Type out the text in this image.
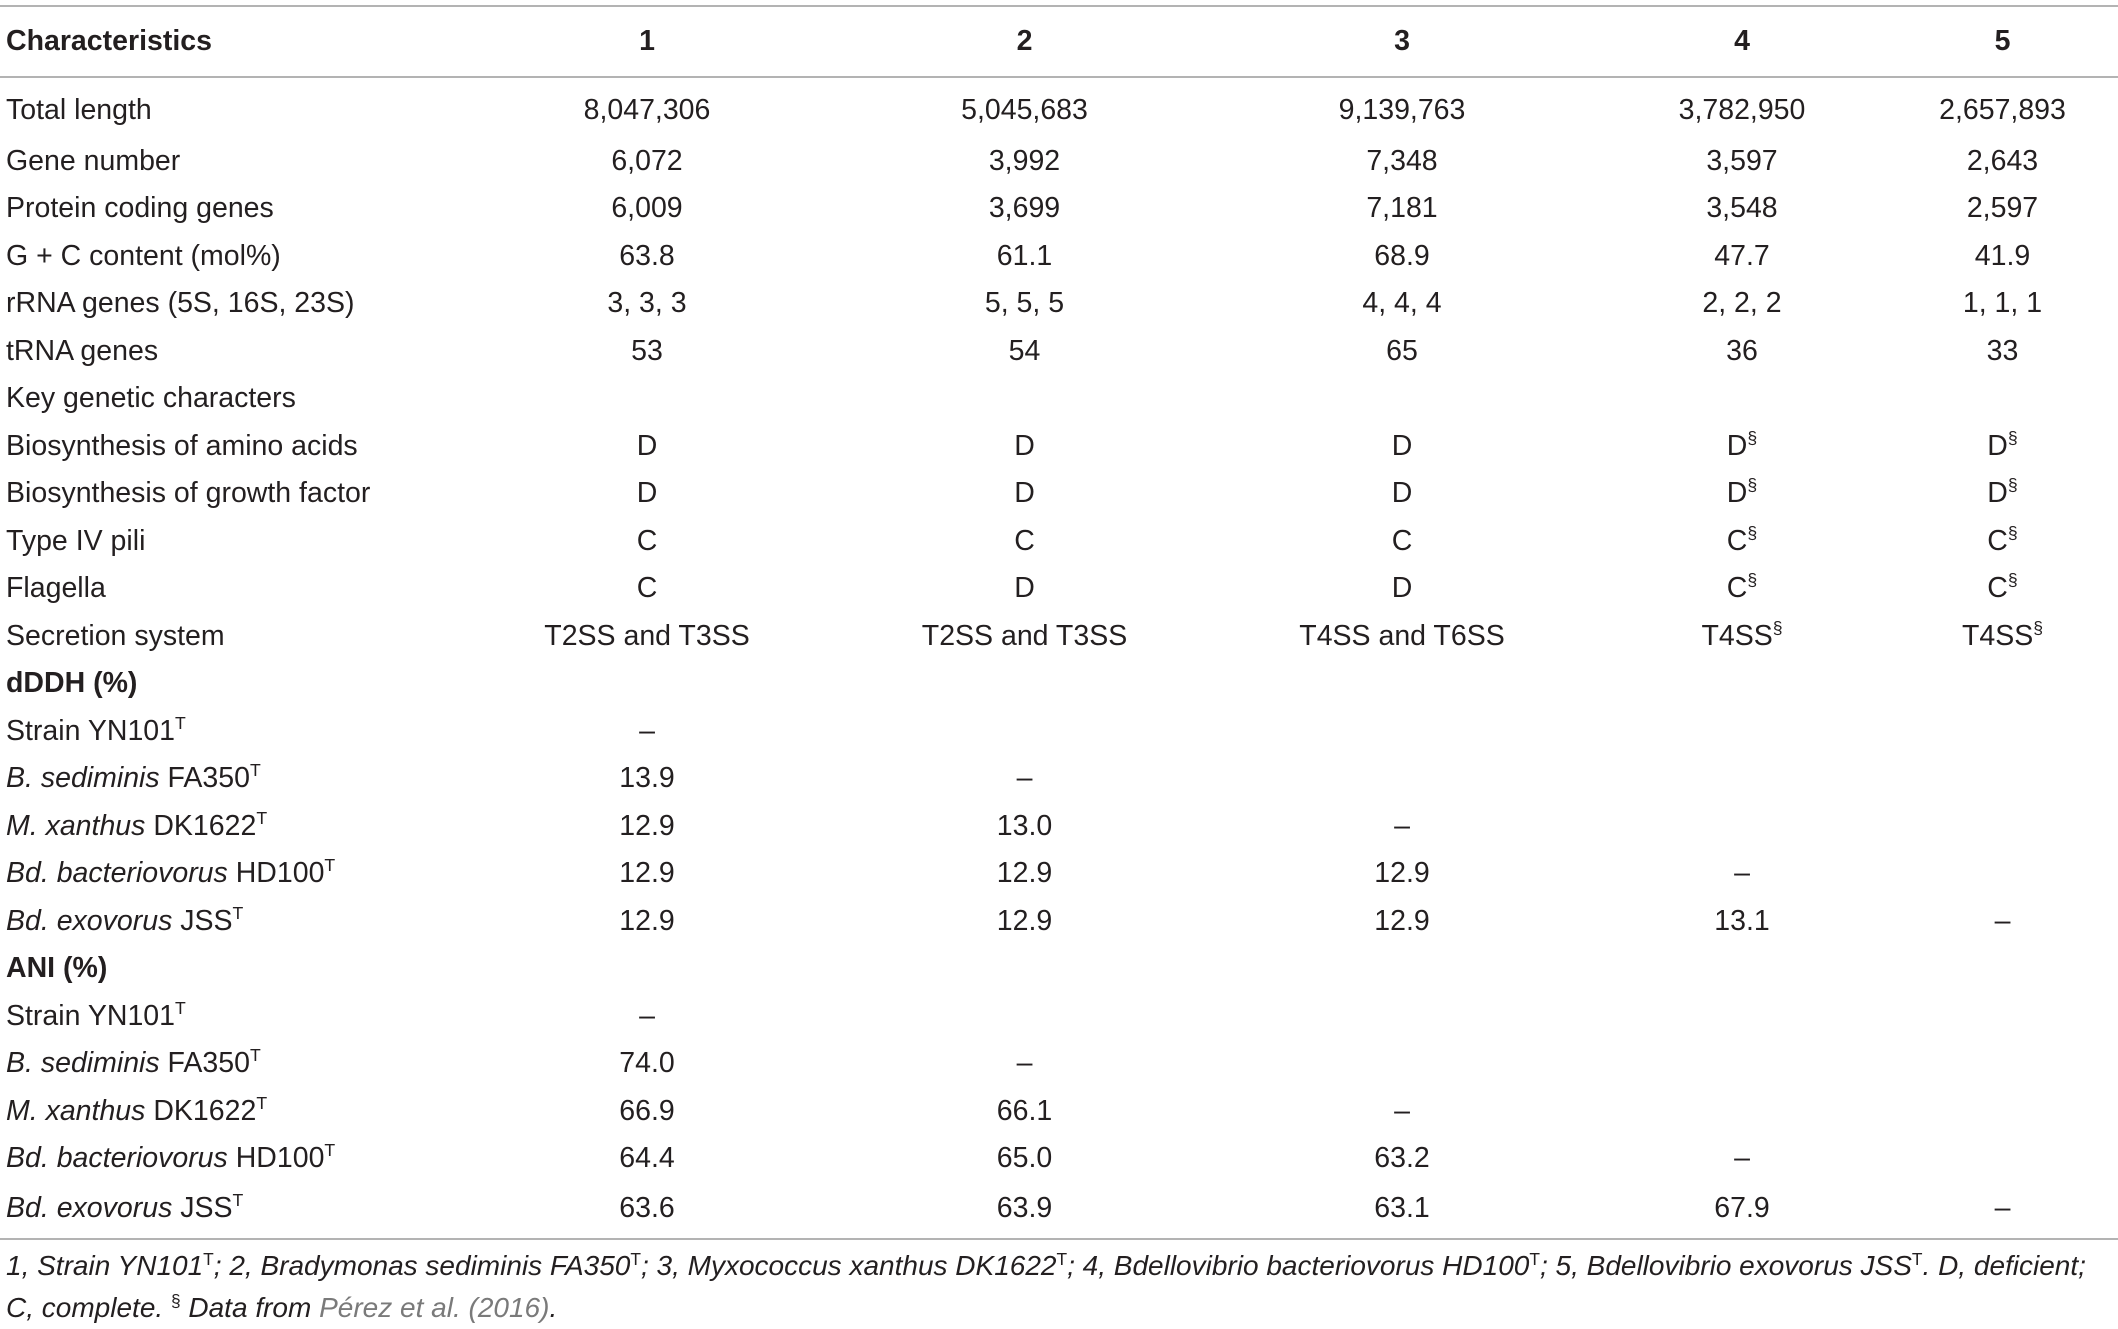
Characteristics	1	2	3	4	5
Total length	8,047,306	5,045,683	9,139,763	3,782,950	2,657,893
Gene number	6,072	3,992	7,348	3,597	2,643
Protein coding genes	6,009	3,699	7,181	3,548	2,597
G + C content (mol%)	63.8	61.1	68.9	47.7	41.9
rRNA genes (5S, 16S, 23S)	3, 3, 3	5, 5, 5	4, 4, 4	2, 2, 2	1, 1, 1
tRNA genes	53	54	65	36	33
Key genetic characters					
Biosynthesis of amino acids	D	D	D	D§	D§
Biosynthesis of growth factor	D	D	D	D§	D§
Type IV pili	C	C	C	C§	C§
Flagella	C	D	D	C§	C§
Secretion system	T2SS and T3SS	T2SS and T3SS	T4SS and T6SS	T4SS§	T4SS§
dDDH (%)					
Strain $YN101^T$	–				
B. sediminis $FA350^T$	13.9	–			
M. xanthus $DK1622^T$	12.9	13.0	–		
Bd. bacteriovorus $HD100^T$	12.9	12.9	12.9	–	
Bd. exovorus $JSS^T$	12.9	12.9	12.9	13.1	–
ANI (%)					
Strain $YN101^T$	–				
B. sediminis $FA350^T$	74.0	–			
M. xanthus $DK1622^T$	66.9	66.1	–		
Bd. bacteriovorus $HD100^T$	64.4	65.0	63.2	–	
Bd. exovorus $JSS^T$	63.6	63.9	63.1	67.9	–
1, Strain $YN101^T$; 2, Bradymonas sediminis $FA350^T$; 3, Myxococcus xanthus $DK1622^T$; 4, Bdellovibrio bacteriovorus $HD100^T$; 5, Bdellovibrio exovorus $JSS^T$. D, deficient; C, complete. § Data from Pérez et al. (2016).
